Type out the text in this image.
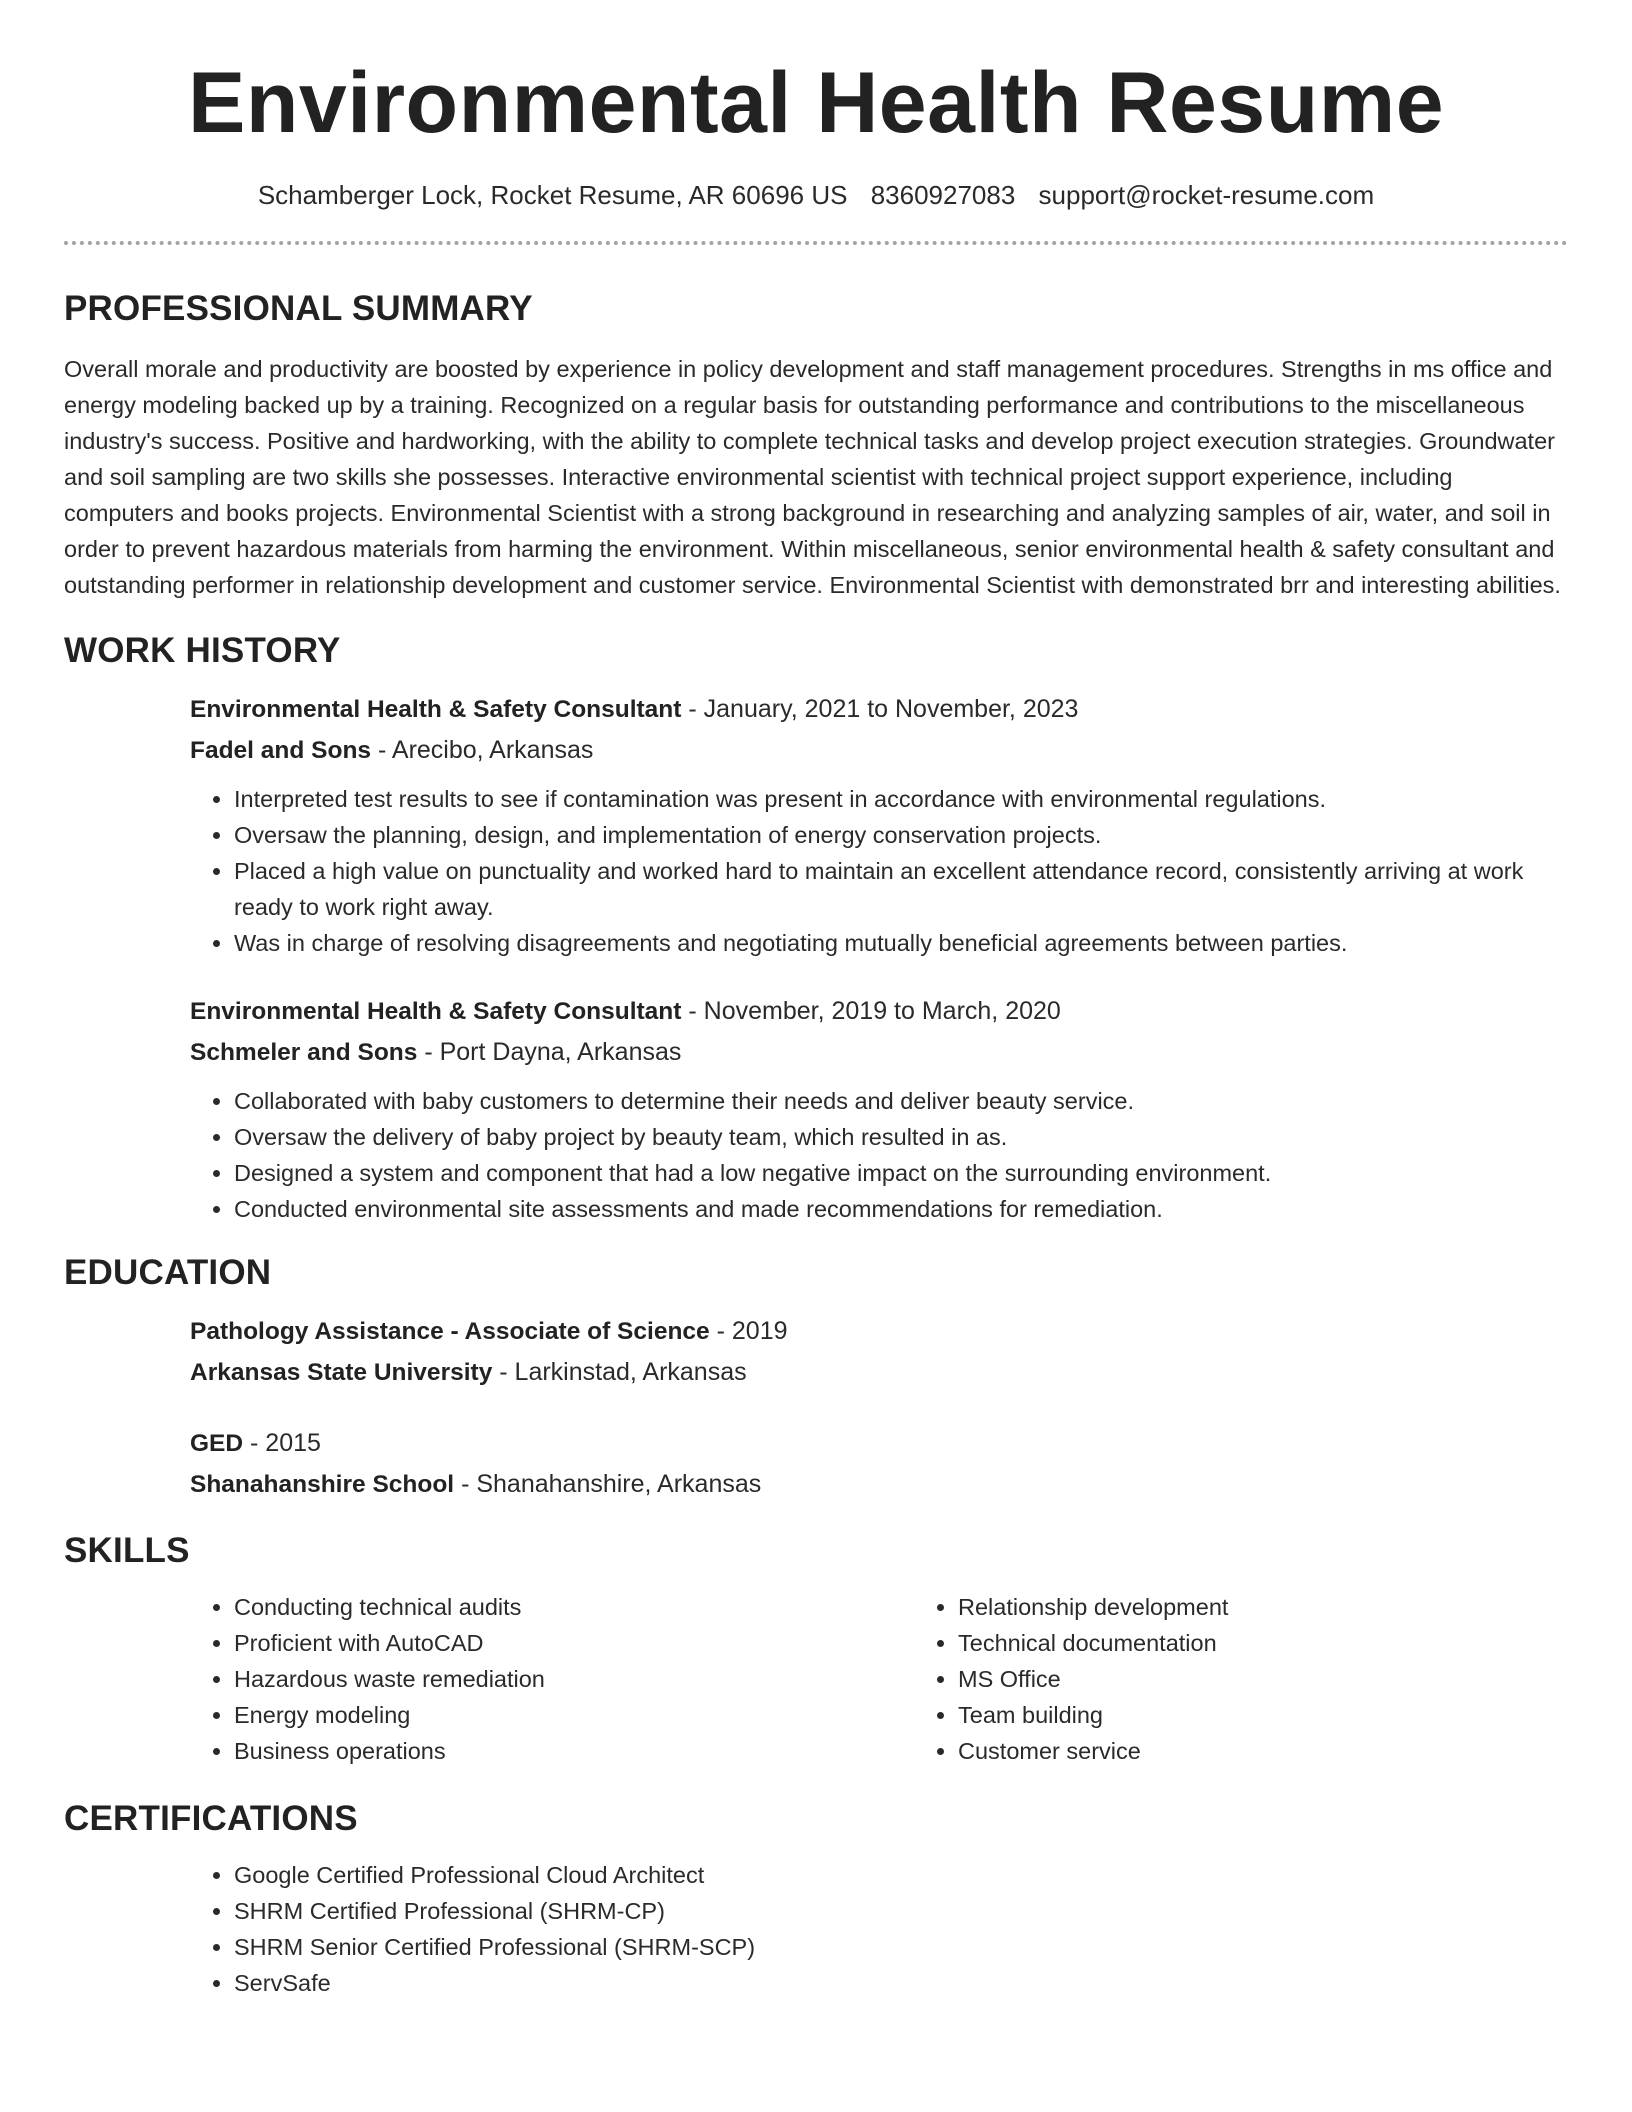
Environmental Health Resume
Schamberger Lock, Rocket Resume, AR 60696 US 8360927083 support@rocket-resume.com
PROFESSIONAL SUMMARY

Overall morale and productivity are boosted by experience in policy development and staff management procedures. Strengths in ms office and energy modeling backed up by a training. Recognized on a regular basis for outstanding performance and contributions to the miscellaneous industry's success. Positive and hardworking, with the ability to complete technical tasks and develop project execution strategies. Groundwater and soil sampling are two skills she possesses. Interactive environmental scientist with technical project support experience, including computers and books projects. Environmental Scientist with a strong background in researching and analyzing samples of air, water, and soil in order to prevent hazardous materials from harming the environment. Within miscellaneous, senior environmental health & safety consultant and outstanding performer in relationship development and customer service. Environmental Scientist with demonstrated brr and interesting abilities.

WORK HISTORY
Environmental Health & Safety Consultant - January, 2021 to November, 2023
Fadel and Sons - Arecibo, Arkansas
• Interpreted test results to see if contamination was present in accordance with environmental regulations.
• Oversaw the planning, design, and implementation of energy conservation projects.
• Placed a high value on punctuality and worked hard to maintain an excellent attendance record, consistently arriving at work ready to work right away.
• Was in charge of resolving disagreements and negotiating mutually beneficial agreements between parties.
Environmental Health & Safety Consultant - November, 2019 to March, 2020
Schmeler and Sons - Port Dayna, Arkansas
• Collaborated with baby customers to determine their needs and deliver beauty service.
• Oversaw the delivery of baby project by beauty team, which resulted in as.
• Designed a system and component that had a low negative impact on the surrounding environment.
• Conducted environmental site assessments and made recommendations for remediation.
EDUCATION
Pathology Assistance - Associate of Science - 2019
Arkansas State University - Larkinstad, Arkansas
GED - 2015
Shanahanshire School - Shanahanshire, Arkansas
SKILLS
• Conducting technical audits
• Proficient with AutoCAD
• Hazardous waste remediation
• Energy modeling
• Business operations
• Relationship development
• Technical documentation
• MS Office
• Team building
• Customer service
CERTIFICATIONS
• Google Certified Professional Cloud Architect
• SHRM Certified Professional (SHRM-CP)
• SHRM Senior Certified Professional (SHRM-SCP)
• ServSafe
